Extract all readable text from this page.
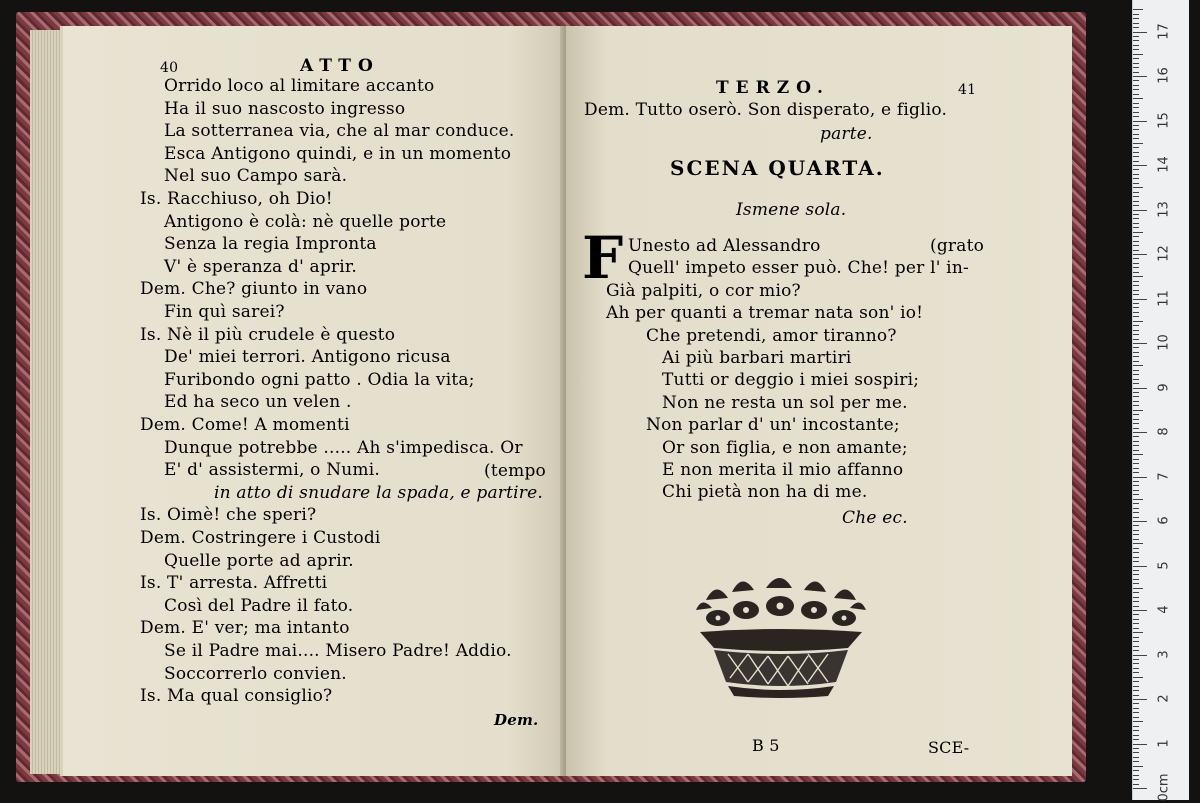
40	ATTO
Orrido loco al limitare accanto
Ha il suo nascosto ingresso
La sotterranea via, che al mar conduce.
Esca Antigono quindi, e in un momento
Nel suo Campo sarà.
Is. Racchiuso, oh Dio!
Antigono è colà: nè quelle porte
Senza la regia Impronta
V' è speranza d' aprir.
Dem. Che? giunto in vano
Fin quì sarei?
Is. Nè il più crudele è questo
De' miei terrori. Antigono ricusa
Furibondo ogni patto . Odia la vita;
Ed ha seco un velen .
Dem. Come! A momenti
Dunque potrebbe ..... Ah s'impedisca. Or
E' d' assistermi, o Numi.
in atto di snudare la spada, e partire.
Is. Oimè! che speri?
Dem. Costringere i Custodi
Quelle porte ad aprir.
Is. T' arresta. Affretti
Così del Padre il fato.
Dem. E' ver; ma intanto
Se il Padre mai.... Misero Padre! Addio.
Soccorrerlo convien.
Is. Ma qual consiglio?
(tempo
Dem.
TERZO.	41
Dem. Tutto oserò. Son disperato, e figlio.
parte.
SCENA QUARTA.
Ismene sola.
F	(grato
Unesto ad Alessandro
Quell' impeto esser può. Che! per l' in-
Già palpiti, o cor mio?
Ah per quanti a tremar nata son' io!
Che pretendi, amor tiranno?
Ai più barbari martiri
Tutti or deggio i miei sospiri;
Non ne resta un sol per me.
Non parlar d' un' incostante;
Or son figlia, e non amante;
E non merita il mio affanno
Chi pietà non ha di me.
Che ec.
B 5	SCE-
0cm
1
2
3
4
5
6
7
8
9
10
11
12
13
14
15
16
17
